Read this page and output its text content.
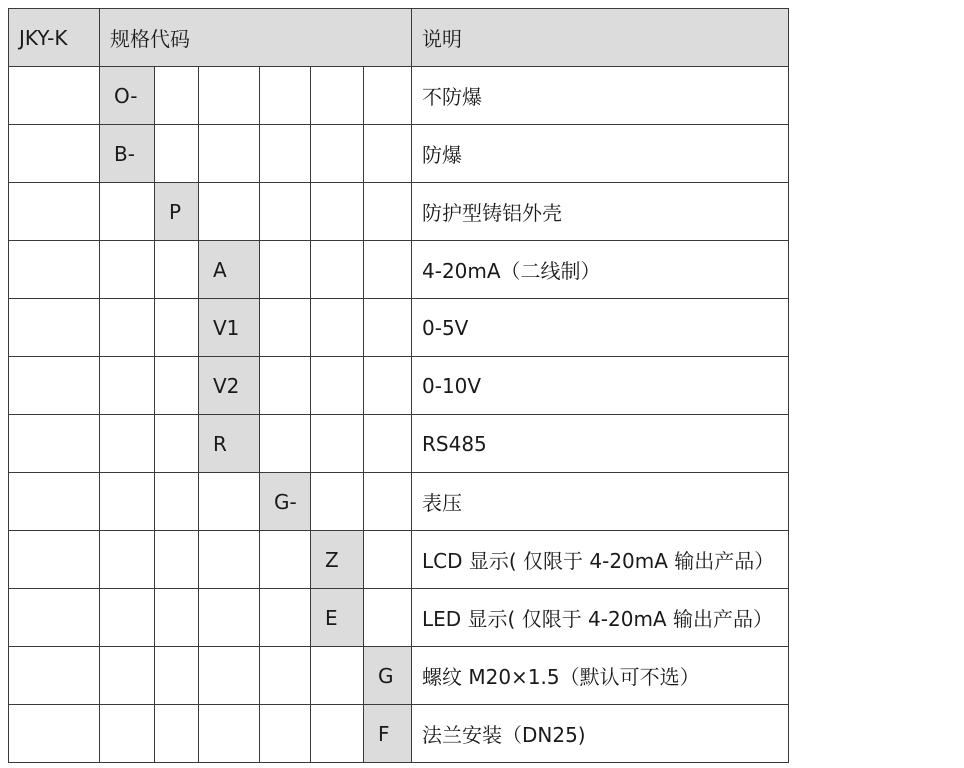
JKY-K	规格代码						说明
	O-						不防爆
	B-						防爆
		P					防护型铸铝外壳
			A				4-20mA（二线制）
			V1				0-5V
			V2				0-10V
			R				RS485
				G-			表压
					Z		LCD 显示( 仅限于 4-20mA 输出产品）
					E		LED 显示( 仅限于 4-20mA 输出产品）
						G	螺纹 M20×1.5（默认可不选）
						F	法兰安装（DN25)
